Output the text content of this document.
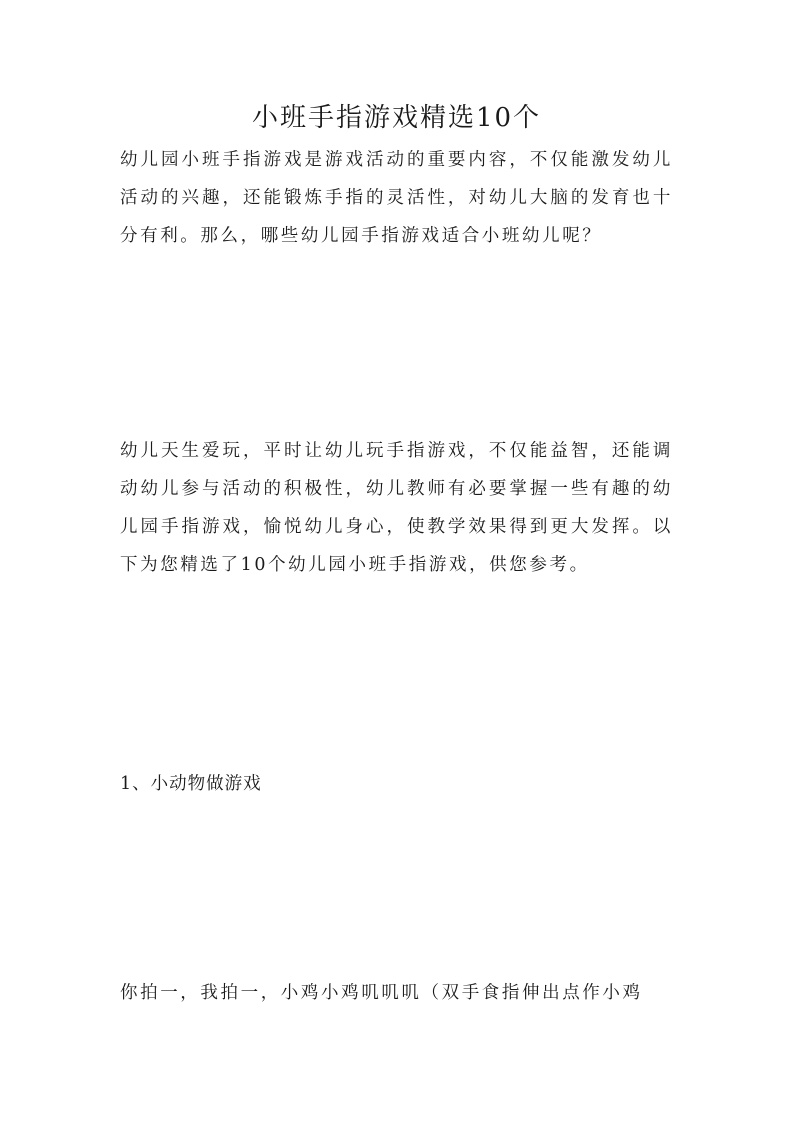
小班手指游戏精选10个

幼儿园小班手指游戏是游戏活动的重要内容，不仅能激发幼儿活动的兴趣，还能锻炼手指的灵活性，对幼儿大脑的发育也十分有利。那么，哪些幼儿园手指游戏适合小班幼儿呢？

幼儿天生爱玩，平时让幼儿玩手指游戏，不仅能益智，还能调动幼儿参与活动的积极性，幼儿教师有必要掌握一些有趣的幼儿园手指游戏，愉悦幼儿身心，使教学效果得到更大发挥。以下为您精选了10个幼儿园小班手指游戏，供您参考。

1、小动物做游戏

你拍一，我拍一，小鸡小鸡叽叽叽（双手食指伸出点作小鸡
